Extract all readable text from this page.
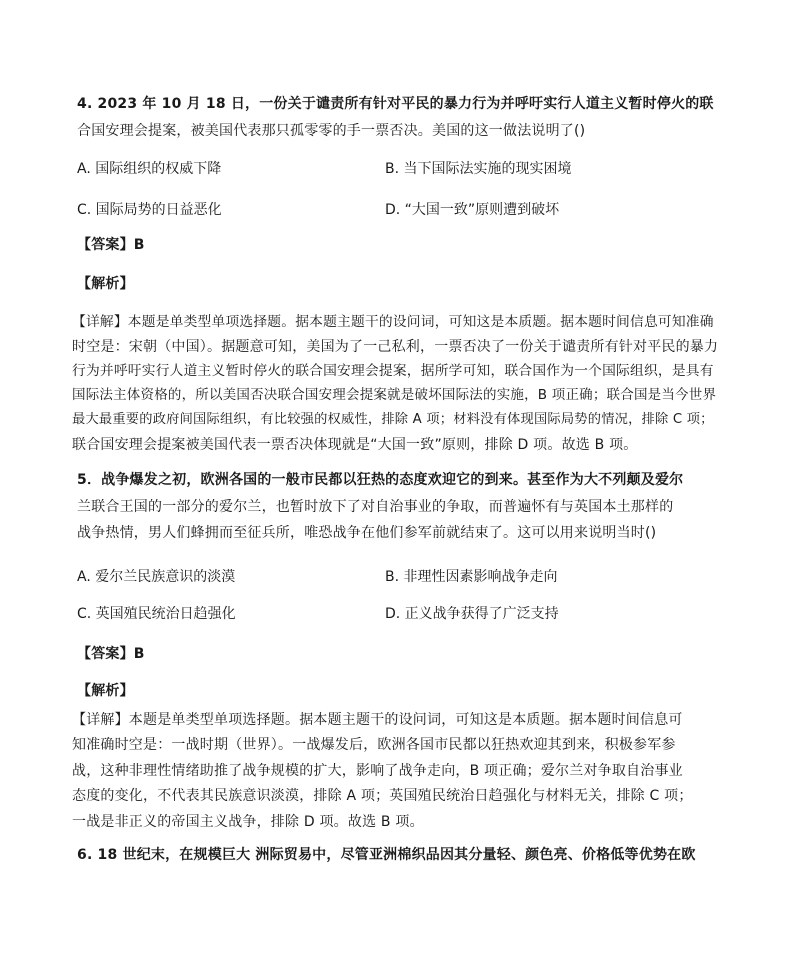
4. 2023 年 10 月 18 日，一份关于谴责所有针对平民的暴力行为并呼吁实行人道主义暂时停火的联
合国安理会提案，被美国代表那只孤零零的手一票否决。美国的这一做法说明了()
A. 国际组织的权威下降	B. 当下国际法实施的现实困境
C. 国际局势的日益恶化	D. “大国一致”原则遭到破坏
【答案】B
【解析】
【详解】本题是单类型单项选择题。据本题主题干的设问词，可知这是本质题。据本题时间信息可知准确
时空是：宋朝（中国）。据题意可知，美国为了一己私利，一票否决了一份关于谴责所有针对平民的暴力
行为并呼吁实行人道主义暂时停火的联合国安理会提案，据所学可知，联合国作为一个国际组织，是具有
国际法主体资格的，所以美国否决联合国安理会提案就是破坏国际法的实施，B 项正确；联合国是当今世界
最大最重要的政府间国际组织，有比较强的权威性，排除 A 项；材料没有体现国际局势的情况，排除 C 项；
联合国安理会提案被美国代表一票否决体现就是“大国一致”原则，排除 D 项。故选 B 项。
5．战争爆发之初，欧洲各国的一般市民都以狂热的态度欢迎它的到来。甚至作为大不列颠及爱尔
兰联合王国的一部分的爱尔兰，也暂时放下了对自治事业的争取，而普遍怀有与英国本土那样的
战争热情，男人们蜂拥而至征兵所，唯恐战争在他们参军前就结束了。这可以用来说明当时()
A. 爱尔兰民族意识的淡漠	B. 非理性因素影响战争走向
C. 英国殖民统治日趋强化	D. 正义战争获得了广泛支持
【答案】B
【解析】
【详解】本题是单类型单项选择题。据本题主题干的设问词，可知这是本质题。据本题时间信息可
知准确时空是：一战时期（世界）。一战爆发后，欧洲各国市民都以狂热欢迎其到来，积极参军参
战，这种非理性情绪助推了战争规模的扩大，影响了战争走向，B 项正确；爱尔兰对争取自治事业
态度的变化，不代表其民族意识淡漠，排除 A 项；英国殖民统治日趋强化与材料无关，排除 C 项；
一战是非正义的帝国主义战争，排除 D 项。故选 B 项。
6. 18 世纪末，在规模巨大 洲际贸易中，尽管亚洲棉织品因其分量轻、颜色亮、价格低等优势在欧
